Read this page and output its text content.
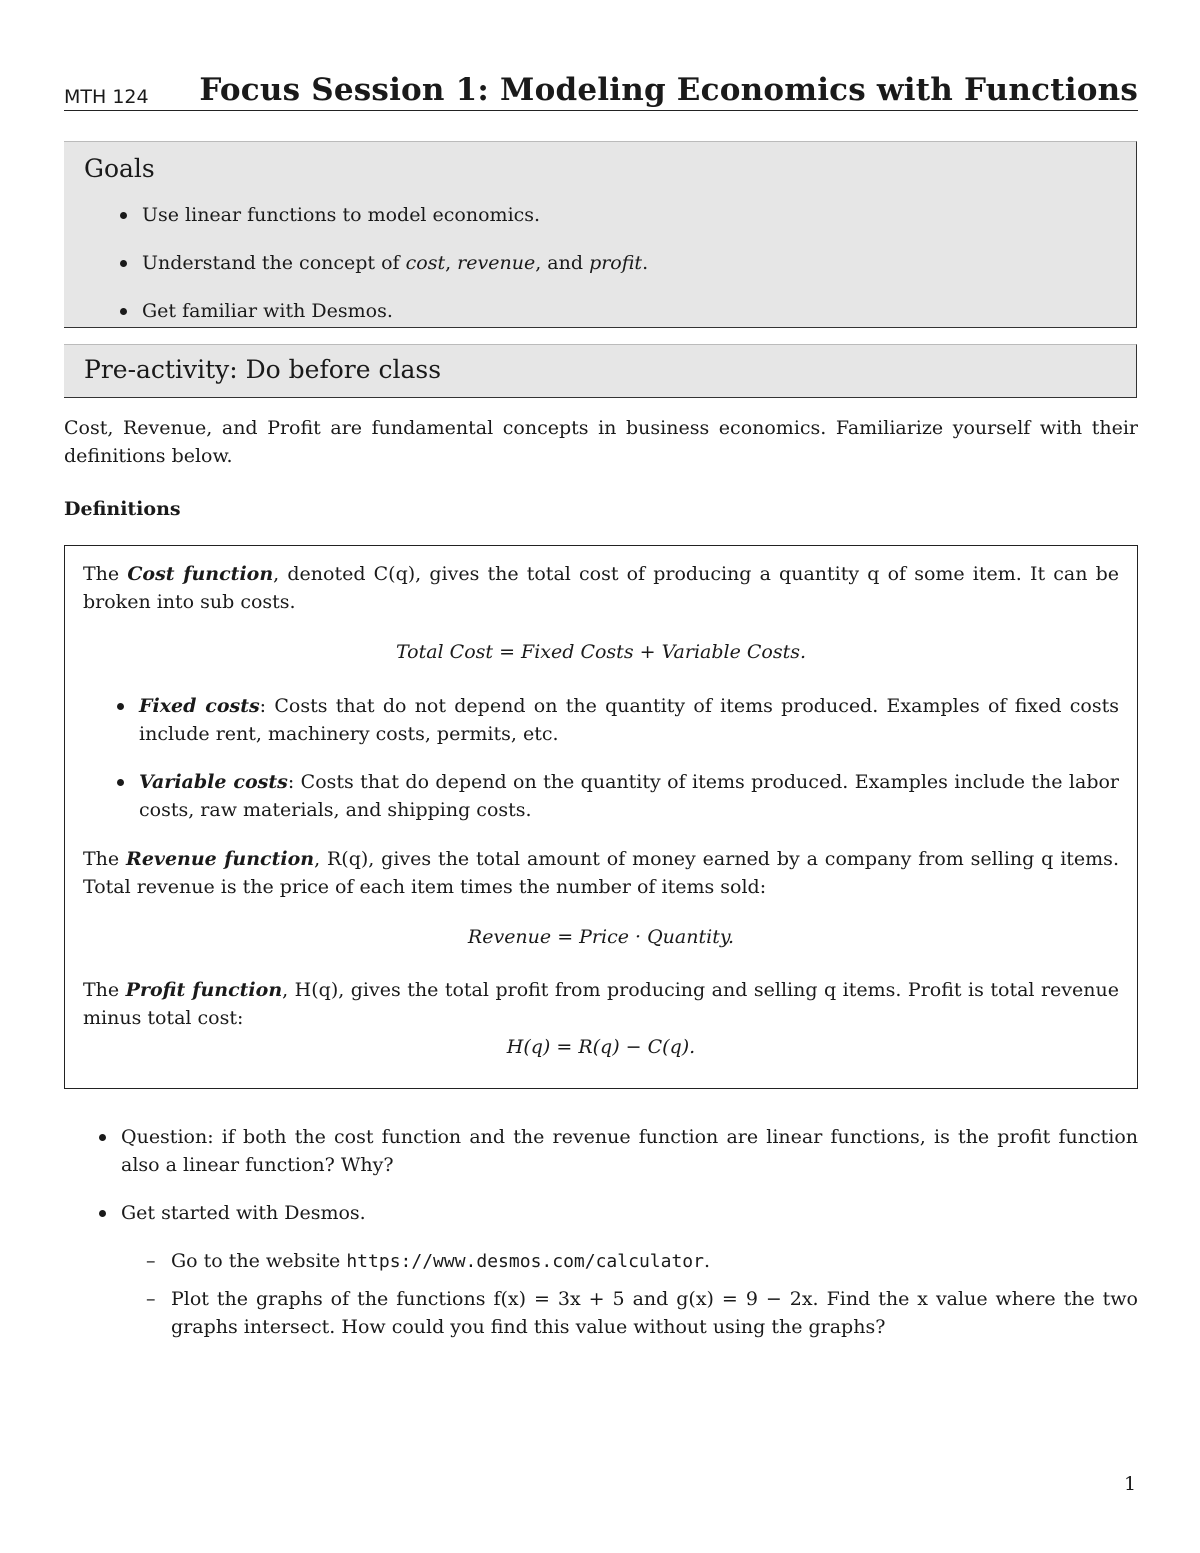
MTH 124 Focus Session 1: Modeling Economics with Functions
Goals
Use linear functions to model economics.
Understand the concept of cost, revenue, and profit.
Get familiar with Desmos.
Pre-activity: Do before class
Cost, Revenue, and Profit are fundamental concepts in business economics. Familiarize yourself with their definitions below.
Definitions
The Cost function, denoted C(q), gives the total cost of producing a quantity q of some item. It can be broken into sub costs.
Total Cost = Fixed Costs + Variable Costs.
Fixed costs: Costs that do not depend on the quantity of items produced. Examples of fixed costs include rent, machinery costs, permits, etc.
Variable costs: Costs that do depend on the quantity of items produced. Examples include the labor costs, raw materials, and shipping costs.
The Revenue function, R(q), gives the total amount of money earned by a company from selling q items. Total revenue is the price of each item times the number of items sold:
Revenue = Price · Quantity.
The Profit function, H(q), gives the total profit from producing and selling q items. Profit is total revenue minus total cost:
H(q) = R(q) − C(q).
Question: if both the cost function and the revenue function are linear functions, is the profit function also a linear function? Why?
Get started with Desmos.
– Go to the website https://www.desmos.com/calculator.
– Plot the graphs of the functions f(x) = 3x + 5 and g(x) = 9 − 2x. Find the x value where the two graphs intersect. How could you find this value without using the graphs?
1
